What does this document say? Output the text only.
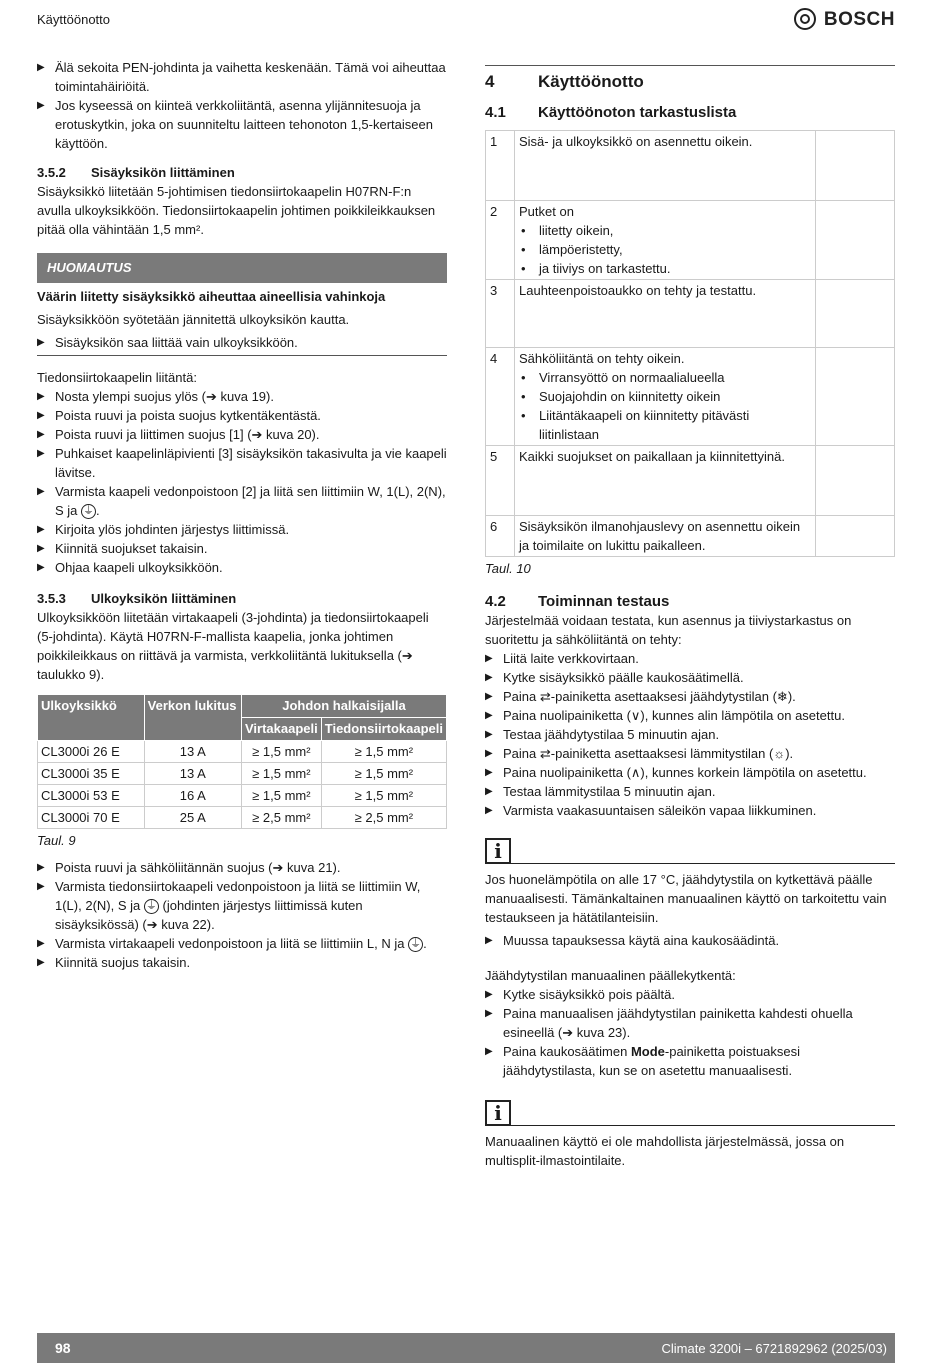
Käyttöönotto	BOSCH

▶ Älä sekoita PEN-johdinta ja vaihetta keskenään. Tämä voi aiheuttaa toimintahäiriöitä.

▶ Jos kyseessä on kiinteä verkkoliitäntä, asenna ylijännitesuoja ja erotuskytkin, joka on suunniteltu laitteen tehonoton 1,5-kertaiseen käyttöön.

3.5.2 Sisäyksikön liittäminen

Sisäyksikkö liitetään 5-johtimisen tiedonsiirtokaapelin H07RN-F:n avulla ulkoyksikköön. Tiedonsiirtokaapelin johtimen poikkileikkauksen pitää olla vähintään 1,5 mm².

HUOMAUTUS

Väärin liitetty sisäyksikkö aiheuttaa aineellisia vahinkoja

Sisäyksikköön syötetään jännitettä ulkoyksikön kautta.

▶ Sisäyksikön saa liittää vain ulkoyksikköön.

Tiedonsiirtokaapelin liitäntä:

▶ Nosta ylempi suojus ylös (➔ kuva 19).

▶ Poista ruuvi ja poista suojus kytkentäkentästä.

▶ Poista ruuvi ja liittimen suojus [1] (➔ kuva 20).

▶ Puhkaiset kaapelinläpivienti [3] sisäyksikön takasivulta ja vie kaapeli lävitse.

▶ Varmista kaapeli vedonpoistoon [2] ja liitä sen liittimiin W, 1(L), 2(N), S ja ⏚ .

▶ Kirjoita ylös johdinten järjestys liittimissä.

▶ Kiinnitä suojukset takaisin.

▶ Ohjaa kaapeli ulkoyksikköön.

3.5.3 Ulkoyksikön liittäminen

Ulkoyksikköön liitetään virtakaapeli (3-johdinta) ja tiedonsiirtokaapeli (5-johdinta). Käytä H07RN-F-mallista kaapelia, jonka johtimen poikkileikkaus on riittävä ja varmista, verkkoliitäntä lukituksella (➔ taulukko 9).

Ulkoyksikkö	Verkon lukitus	Johdon halkaisijalla	
		Virtakaapeli	Tiedonsiirtokaapeli
CL3000i 26 E	13 A	≥ 1,5 mm²	≥ 1,5 mm²
CL3000i 35 E	13 A	≥ 1,5 mm²	≥ 1,5 mm²
CL3000i 53 E	16 A	≥ 1,5 mm²	≥ 1,5 mm²
CL3000i 70 E	25 A	≥ 2,5 mm²	≥ 2,5 mm²

Taul. 9

▶ Poista ruuvi ja sähköliitännän suojus (➔ kuva 21).

▶ Varmista tiedonsiirtokaapeli vedonpoistoon ja liitä se liittimiin W, 1(L), 2(N), S ja ⏚ (johdinten järjestys liittimissä kuten sisäyksikössä) (➔ kuva 22).

▶ Varmista virtakaapeli vedonpoistoon ja liitä se liittimiin L, N ja ⏚ .

▶ Kiinnitä suojus takaisin.

4	Käyttöönotto

4.1 Käyttöönoton tarkastuslista

1	Sisä- ja ulkoyksikkö on asennettu oikein.	
2	Putket on

• liitetty oikein,

• lämpöeristetty,

• ja tiiviys on tarkastettu.

3	Lauhteenpoistoaukko on tehty ja testattu.	
4	Sähköliitäntä on tehty oikein.

• Virransyöttö on normaalialueella

• Suojajohdin on kiinnitetty oikein

• Liitäntäkaapeli on kiinnitetty pitävästi liitinlistaan

5	Kaikki suojukset on paikallaan ja kiinnitettyinä.	
6	Sisäyksikön ilmanohjauslevy on asennettu oikein ja toimilaite on lukittu paikalleen.	

Taul. 10

4.2 Toiminnan testaus

Järjestelmää voidaan testata, kun asennus ja tiiviystarkastus on suoritettu ja sähköliitäntä on tehty:

▶ Liitä laite verkkovirtaan.

▶ Kytke sisäyksikkö päälle kaukosäätimellä.

▶ Paina ⇄-painiketta asettaaksesi jäähdytystilan (❄).

▶ Paina nuolipainiketta (∨), kunnes alin lämpötila on asetettu.

▶ Testaa jäähdytystilaa 5 minuutin ajan.

▶ Paina ⇄-painiketta asettaaksesi lämmitystilan (☼).

▶ Paina nuolipainiketta (∧), kunnes korkein lämpötila on asetettu.

▶ Testaa lämmitystilaa 5 minuutin ajan.

▶ Varmista vaakasuuntaisen säleikön vapaa liikkuminen.

i

Jos huonelämpötila on alle 17 °C, jäähdytystila on kytkettävä päälle manuaalisesti. Tämänkaltainen manuaalinen käyttö on tarkoitettu vain testaukseen ja hätätilanteisiin.

▶ Muussa tapauksessa käytä aina kaukosäädintä.

Jäähdytystilan manuaalinen päällekytkentä:

▶ Kytke sisäyksikkö pois päältä.

▶ Paina manuaalisen jäähdytystilan painiketta kahdesti ohuella esineellä (➔ kuva 23).

▶ Paina kaukosäätimen Mode-painiketta poistuaksesi jäähdytystilasta, kun se on asetettu manuaalisesti.

i

Manuaalinen käyttö ei ole mahdollista järjestelmässä, jossa on multisplit-ilmastointilaite.

98	Climate 3200i – 6721892962 (2025/03)
